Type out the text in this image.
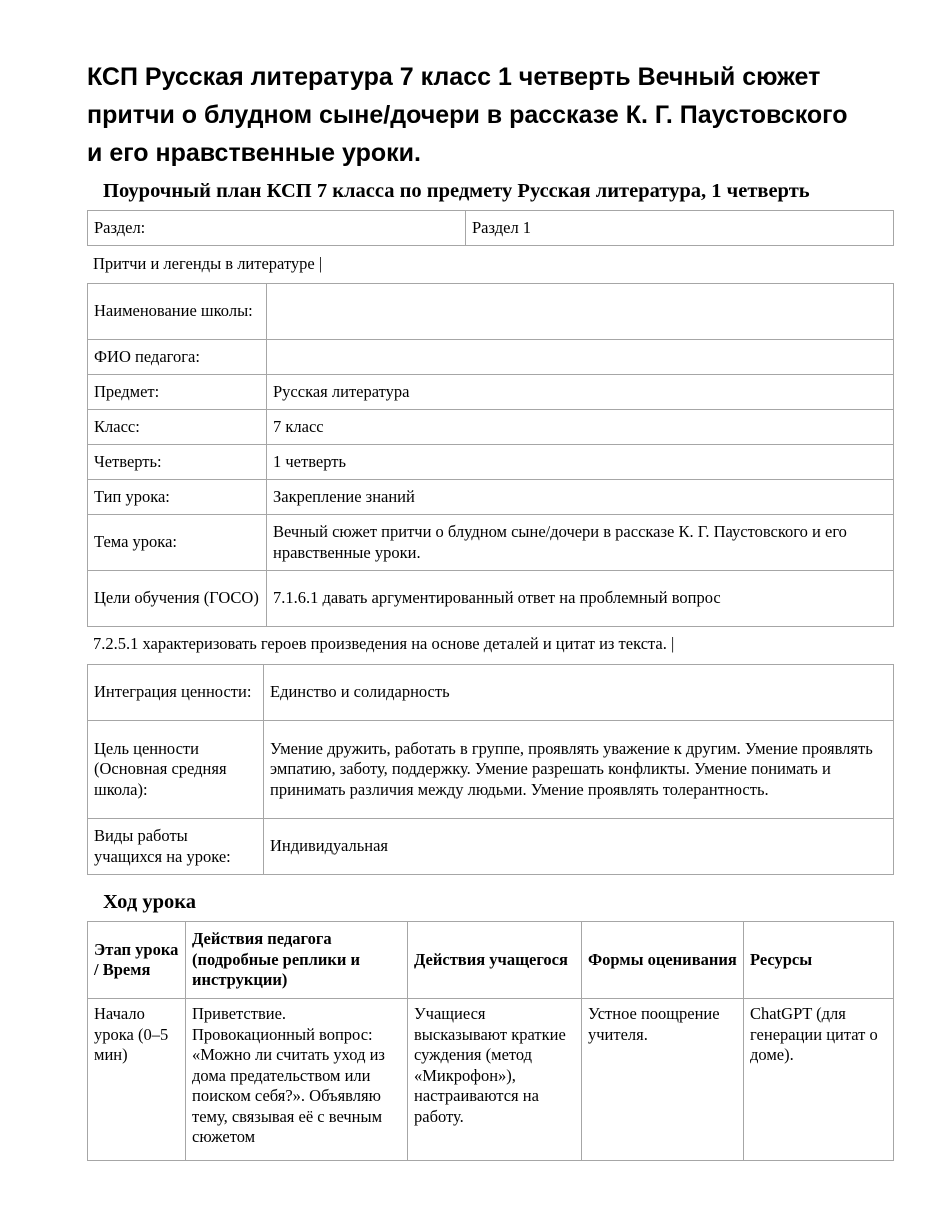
КСП Русская литература 7 класс 1 четверть Вечный сюжет притчи о блудном сыне/дочери в рассказе К. Г. Паустовского и его нравственные уроки.
Поурочный план КСП 7 класса по предмету Русская литература, 1 четверть
Раздел:	Раздел 1
Притчи и легенды в литературе |
Наименование школы:	
ФИО педагога:	
Предмет:	Русская литература
Класс:	7 класс
Четверть:	1 четверть
Тип урока:	Закрепление знаний
Тема урока:	Вечный сюжет притчи о блудном сыне/дочери в рассказе К. Г. Паустовского и его нравственные уроки.
Цели обучения (ГОСО)	7.1.6.1 давать аргументированный ответ на проблемный вопрос
7.2.5.1 характеризовать героев произведения на основе деталей и цитат из текста. |
Интеграция ценности:	Единство и солидарность
Цель ценности (Основная средняя школа):	Умение дружить, работать в группе, проявлять уважение к другим. Умение проявлять эмпатию, заботу, поддержку. Умение разрешать конфликты. Умение понимать и принимать различия между людьми. Умение проявлять толерантность.
Виды работы учащихся на уроке:	Индивидуальная
Ход урока
Этап урока / Время	Действия педагога (подробные реплики и инструкции)	Действия учащегося	Формы оценивания	Ресурсы
Начало урока (0–5 мин)	Приветствие. Провокационный вопрос: «Можно ли считать уход из дома предательством или поиском себя?». Объявляю тему, связывая её с вечным сюжетом	Учащиеся высказывают краткие суждения (метод «Микрофон»), настраиваются на работу.	Устное поощрение учителя.	ChatGPT (для генерации цитат о доме).
